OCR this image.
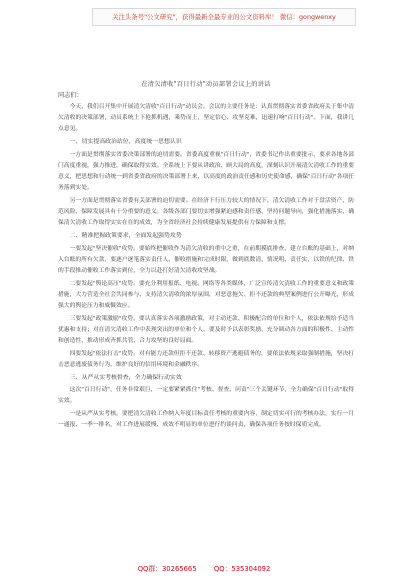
关注头条号"公文研究"，获得最新全最专业的公文资料库！ 微信：gongwenxy
在清欠清收"百日行动"动员部署会议上的讲话
同志们：
今天，我们召开集中开展清欠清收"百日行动"动员会。会议的主要任务是：认真贯彻落实省委省政府关于集中清欠清收的决策部署，动员系统上下抢抓机遇，乘势而上，坚定信心、攻坚克难，迅速打响"百日行动"。下面，我讲几点意见。
一、切实提高政治站位，高度统一思想认识
一方面是贯彻落实省委决策部署的迫切需要。省委高度重视"百日行动"，省委书记作出重要批示，要求各地各部门高度重视，强力推进，确保取得实效。全系统上下要从讲政治、顾大局的高度，深刻认识开展清欠清收工作的重要意义，把思想和行动统一到省委省政府的决策部署上来，以高度的政治责任感和历史使命感，确保"百日行动"各项任务落到实处。
另一方面是贯彻落实省委有关部署的迫切需要。在经济下行压力较大的情况下，清欠清收工作对于盘活资产、防范风险、保障发展具有十分重要的意义。各级各部门要切实增强紧迫感和责任感，坚持问题导向，强化措施落实，确保清欠清收工作取得实实在在的成效，为全省经济社会持续健康发展提供有力保障和支撑。
二、精准把握政策要求，全面发起强势攻势
一要发起"坚决催收"攻势。要始终把催收作为清欠清收的重中之重，在前期摸底排查、建立台账的基础上，对纳入台账的所有欠款，要逐户逐笔落实责任人、催收措施和完成时限，做到底数清、情况明、责任实，以铁的纪律、铁的手段推动催收工作落实到位，全力以赴打好清欠清收攻坚战。
二要发起"舆论高压"攻势。要充分利用报纸、电视、网络等各类媒体，广泛宣传清欠清收工作的重要意义和政策措施，大力营造全社会共同参与、支持清欠清收的浓厚氛围，对恶意拖欠、拒不还款的典型案例进行公开曝光，形成强大的舆论压力和威慑效应。
三要发起"政策激励"攻势。要认真落实各项激励政策，对主动还款、积极配合的单位和个人，依法依规给予适当优惠和支持；对在清欠清收工作中表现突出的单位和个人，要及时予以表彰奖励，充分调动各方面的积极性、主动性和创造性，推动形成齐抓共管、合力攻坚的良好局面。
四要发起"依法打击"攻势。对有能力还款但拒不还款、转移资产逃避债务的，要依法依规采取强制措施，坚决打击恶意逃废债务行为，维护良好的信用环境和金融秩序。
三、从严从实考核督查，全力确保行动实效
这次"百日行动"，任务非常艰巨，一定要紧紧抓住"考核、督查、问责"三个关键环节，全力确保"百日行动"取得实效。
一是从严从实考核。要把清欠清收工作纳入年度目标责任考核的重要内容，制定切实可行的考核办法，实行一月一通报、一季一排名，对工作进展缓慢、成效不明显的单位进行约谈问责，确保各项任务按时保质完成。
QQ群：30265665	QQ：535304092
